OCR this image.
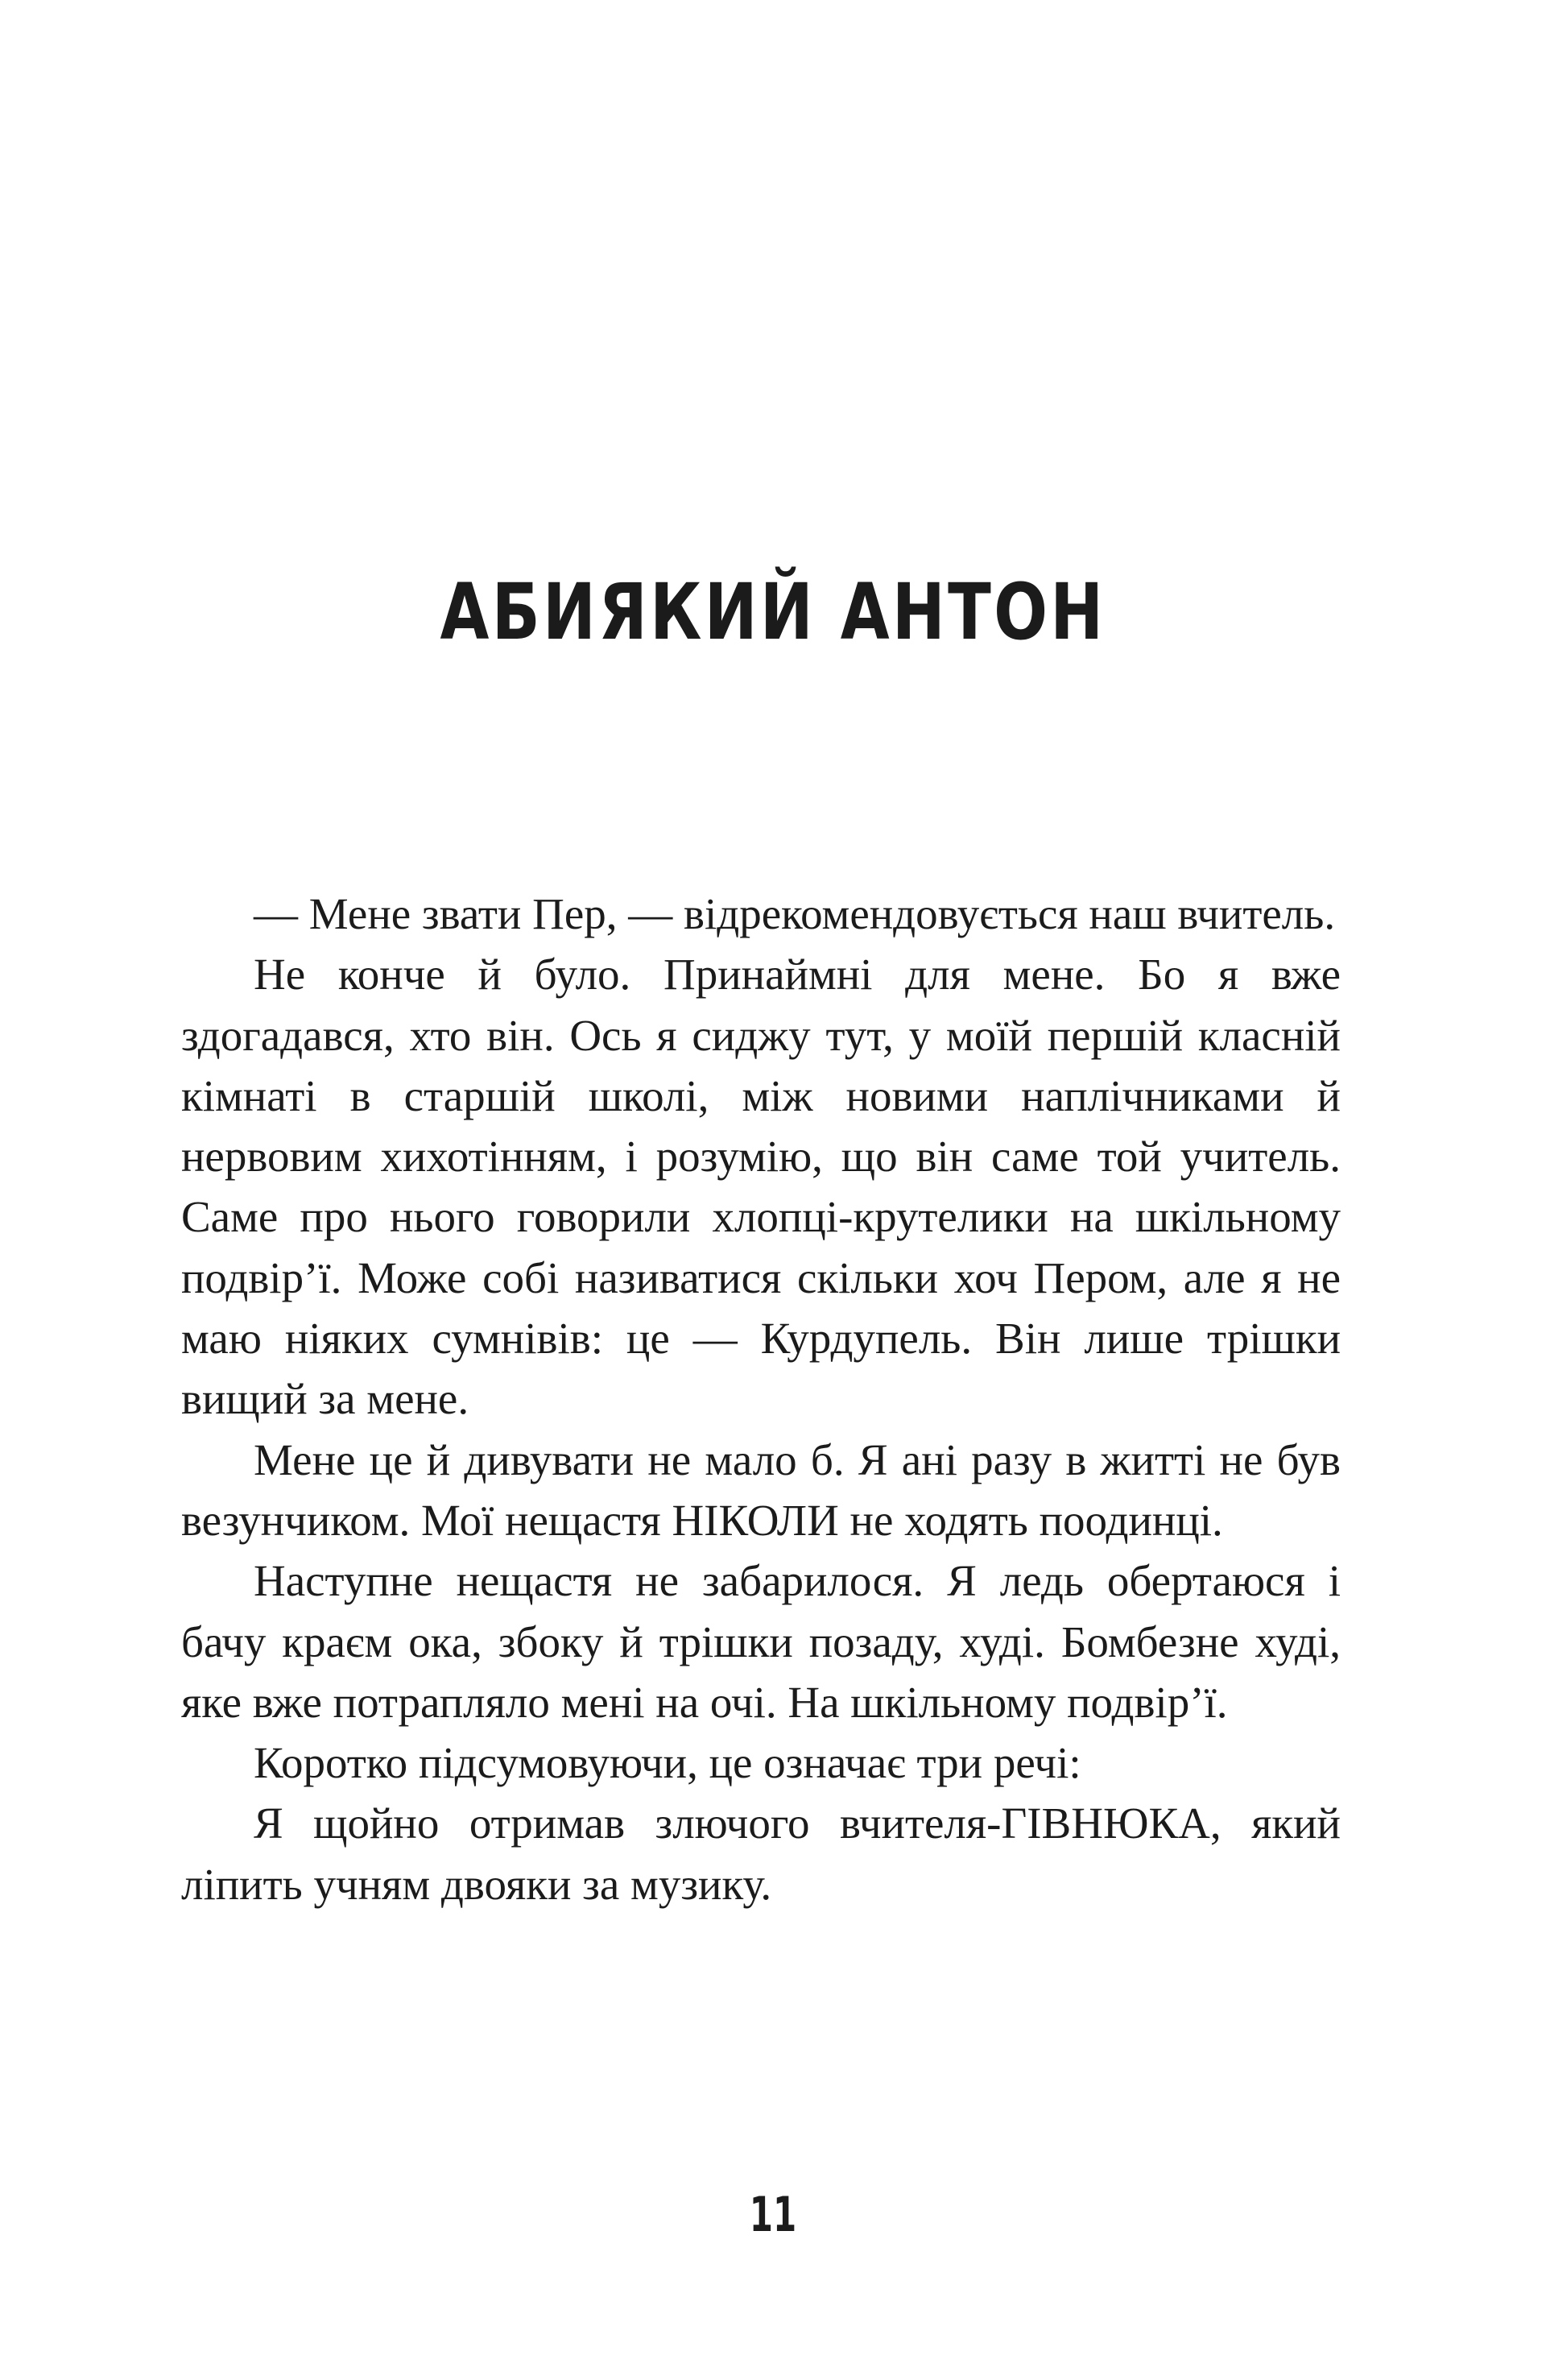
АБИЯКИЙ АНТОН

— Мене звати Пер, — відрекомендовується наш вчитель.

Не конче й було. Принаймні для мене. Бо я вже здогадався, хто він. Ось я сиджу тут, у моїй першій класній кімнаті в старшій школі, між новими наплічниками й нервовим хихотінням, і розумію, що він саме той учитель. Саме про нього говорили хлопці-крутелики на шкільному подвір’ї. Може собі називатися скільки хоч Пером, але я не маю ніяких сумнівів: це — Курдупель. Він лише трішки вищий за мене.

Мене це й дивувати не мало б. Я ані разу в житті не був везунчиком. Мої нещастя НІКОЛИ не ходять поодинці.

Наступне нещастя не забарилося. Я ледь обертаюся і бачу краєм ока, збоку й трішки позаду, худі. Бомбезне худі, яке вже потрапляло мені на очі. На шкільному подвір’ї.

Коротко підсумовуючи, це означає три речі:

Я щойно отримав злючого вчителя-ГІВНЮКА, який ліпить учням двояки за музику.

11
